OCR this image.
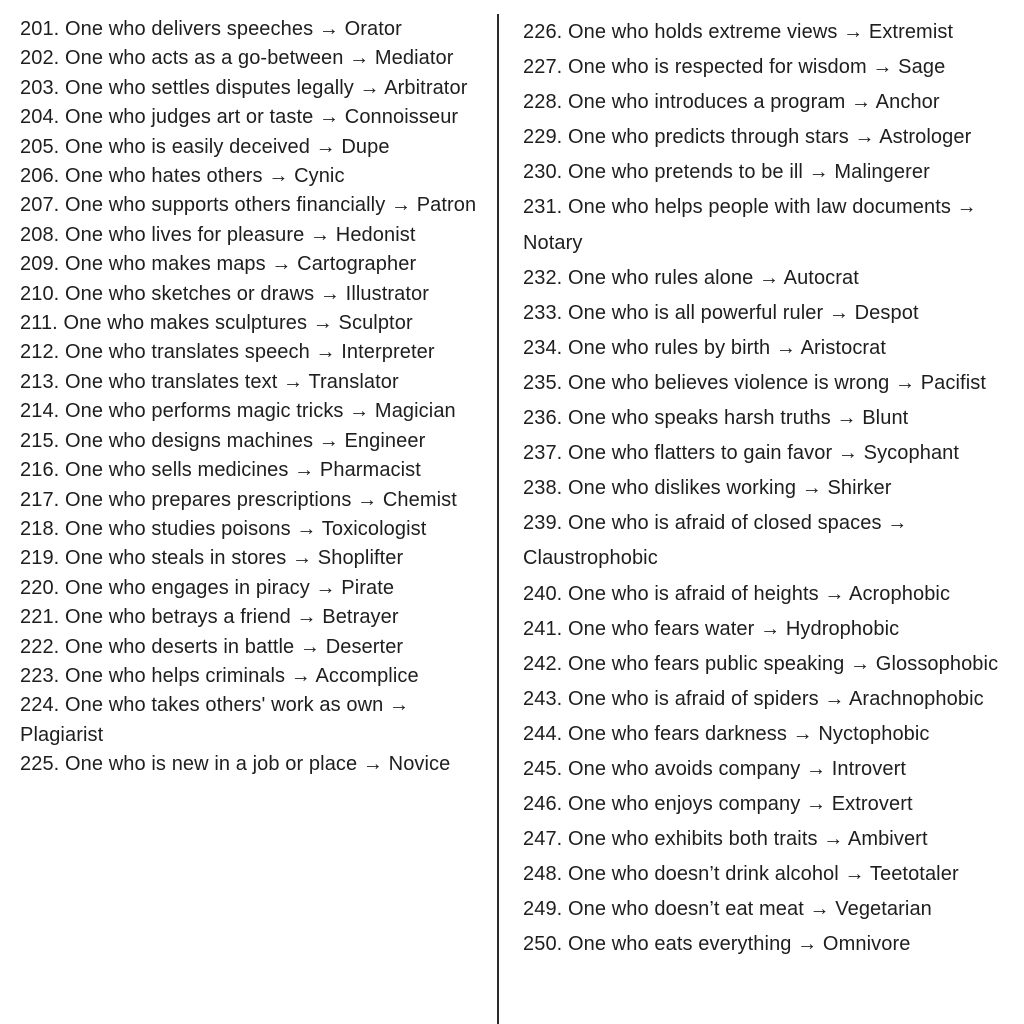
201. One who delivers speeches → Orator
202. One who acts as a go-between → Mediator
203. One who settles disputes legally → Arbitrator
204. One who judges art or taste → Connoisseur
205. One who is easily deceived → Dupe
206. One who hates others → Cynic
207. One who supports others financially → Patron
208. One who lives for pleasure → Hedonist
209. One who makes maps → Cartographer
210. One who sketches or draws → Illustrator
211. One who makes sculptures → Sculptor
212. One who translates speech → Interpreter
213. One who translates text → Translator
214. One who performs magic tricks → Magician
215. One who designs machines → Engineer
216. One who sells medicines → Pharmacist
217. One who prepares prescriptions → Chemist
218. One who studies poisons → Toxicologist
219. One who steals in stores → Shoplifter
220. One who engages in piracy → Pirate
221. One who betrays a friend → Betrayer
222. One who deserts in battle → Deserter
223. One who helps criminals → Accomplice
224. One who takes others' work as own → Plagiarist
225. One who is new in a job or place → Novice
226. One who holds extreme views → Extremist
227. One who is respected for wisdom → Sage
228. One who introduces a program → Anchor
229. One who predicts through stars → Astrologer
230. One who pretends to be ill → Malingerer
231. One who helps people with law documents → Notary
232. One who rules alone → Autocrat
233. One who is all powerful ruler → Despot
234. One who rules by birth → Aristocrat
235. One who believes violence is wrong → Pacifist
236. One who speaks harsh truths → Blunt
237. One who flatters to gain favor → Sycophant
238. One who dislikes working → Shirker
239. One who is afraid of closed spaces → Claustrophobic
240. One who is afraid of heights → Acrophobic
241. One who fears water → Hydrophobic
242. One who fears public speaking → Glossophobic
243. One who is afraid of spiders → Arachnophobic
244. One who fears darkness → Nyctophobic
245. One who avoids company → Introvert
246. One who enjoys company → Extrovert
247. One who exhibits both traits → Ambivert
248. One who doesn’t drink alcohol → Teetotaler
249. One who doesn’t eat meat → Vegetarian
250. One who eats everything → Omnivore
